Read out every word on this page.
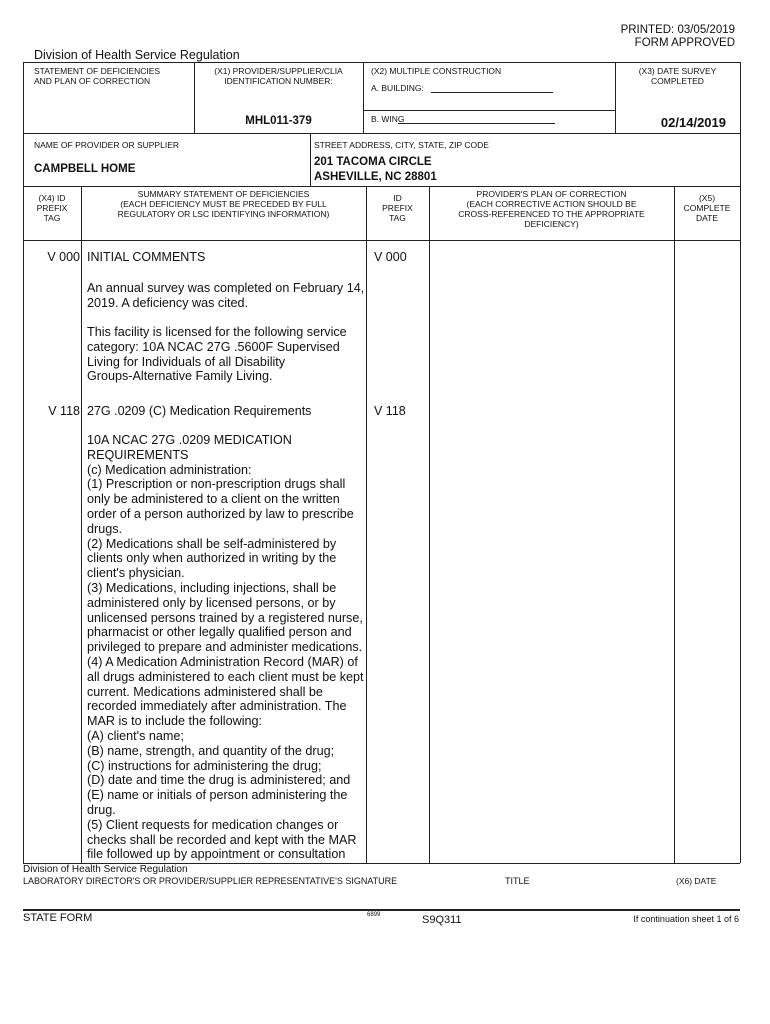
PRINTED: 03/05/2019
FORM APPROVED
Division of Health Service Regulation
STATEMENT OF DEFICIENCIES
AND PLAN OF CORRECTION
(X1) PROVIDER/SUPPLIER/CLIA
IDENTIFICATION NUMBER:
MHL011-379
(X2) MULTIPLE CONSTRUCTION
A. BUILDING:
B. WING
(X3) DATE SURVEY
COMPLETED
02/14/2019
NAME OF PROVIDER OR SUPPLIER
CAMPBELL HOME
STREET ADDRESS, CITY, STATE, ZIP CODE
201 TACOMA CIRCLE
ASHEVILLE, NC 28801
(X4) ID
PREFIX
TAG
SUMMARY STATEMENT OF DEFICIENCIES
(EACH DEFICIENCY MUST BE PRECEDED BY FULL
REGULATORY OR LSC IDENTIFYING INFORMATION)
ID
PREFIX
TAG
PROVIDER'S PLAN OF CORRECTION
(EACH CORRECTIVE ACTION SHOULD BE
CROSS-REFERENCED TO THE APPROPRIATE
DEFICIENCY)
(X5)
COMPLETE
DATE
V 000 INITIAL COMMENTS	V 000
An annual survey was completed on February 14,
2019. A deficiency was cited.
This facility is licensed for the following service
category: 10A NCAC 27G .5600F Supervised
Living for Individuals of all Disability
Groups-Alternative Family Living.
V 118 27G .0209 (C) Medication Requirements	V 118
10A NCAC 27G .0209 MEDICATION
REQUIREMENTS
(c) Medication administration:
(1) Prescription or non-prescription drugs shall
only be administered to a client on the written
order of a person authorized by law to prescribe
drugs.
(2) Medications shall be self-administered by
clients only when authorized in writing by the
client's physician.
(3) Medications, including injections, shall be
administered only by licensed persons, or by
unlicensed persons trained by a registered nurse,
pharmacist or other legally qualified person and
privileged to prepare and administer medications.
(4) A Medication Administration Record (MAR) of
all drugs administered to each client must be kept
current. Medications administered shall be
recorded immediately after administration. The
MAR is to include the following:
(A) client's name;
(B) name, strength, and quantity of the drug;
(C) instructions for administering the drug;
(D) date and time the drug is administered; and
(E) name or initials of person administering the
drug.
(5) Client requests for medication changes or
checks shall be recorded and kept with the MAR
file followed up by appointment or consultation
Division of Health Service Regulation
LABORATORY DIRECTOR'S OR PROVIDER/SUPPLIER REPRESENTATIVE'S SIGNATURE	TITLE	(X6) DATE
STATE FORM	6899	S9Q311	If continuation sheet 1 of 6
